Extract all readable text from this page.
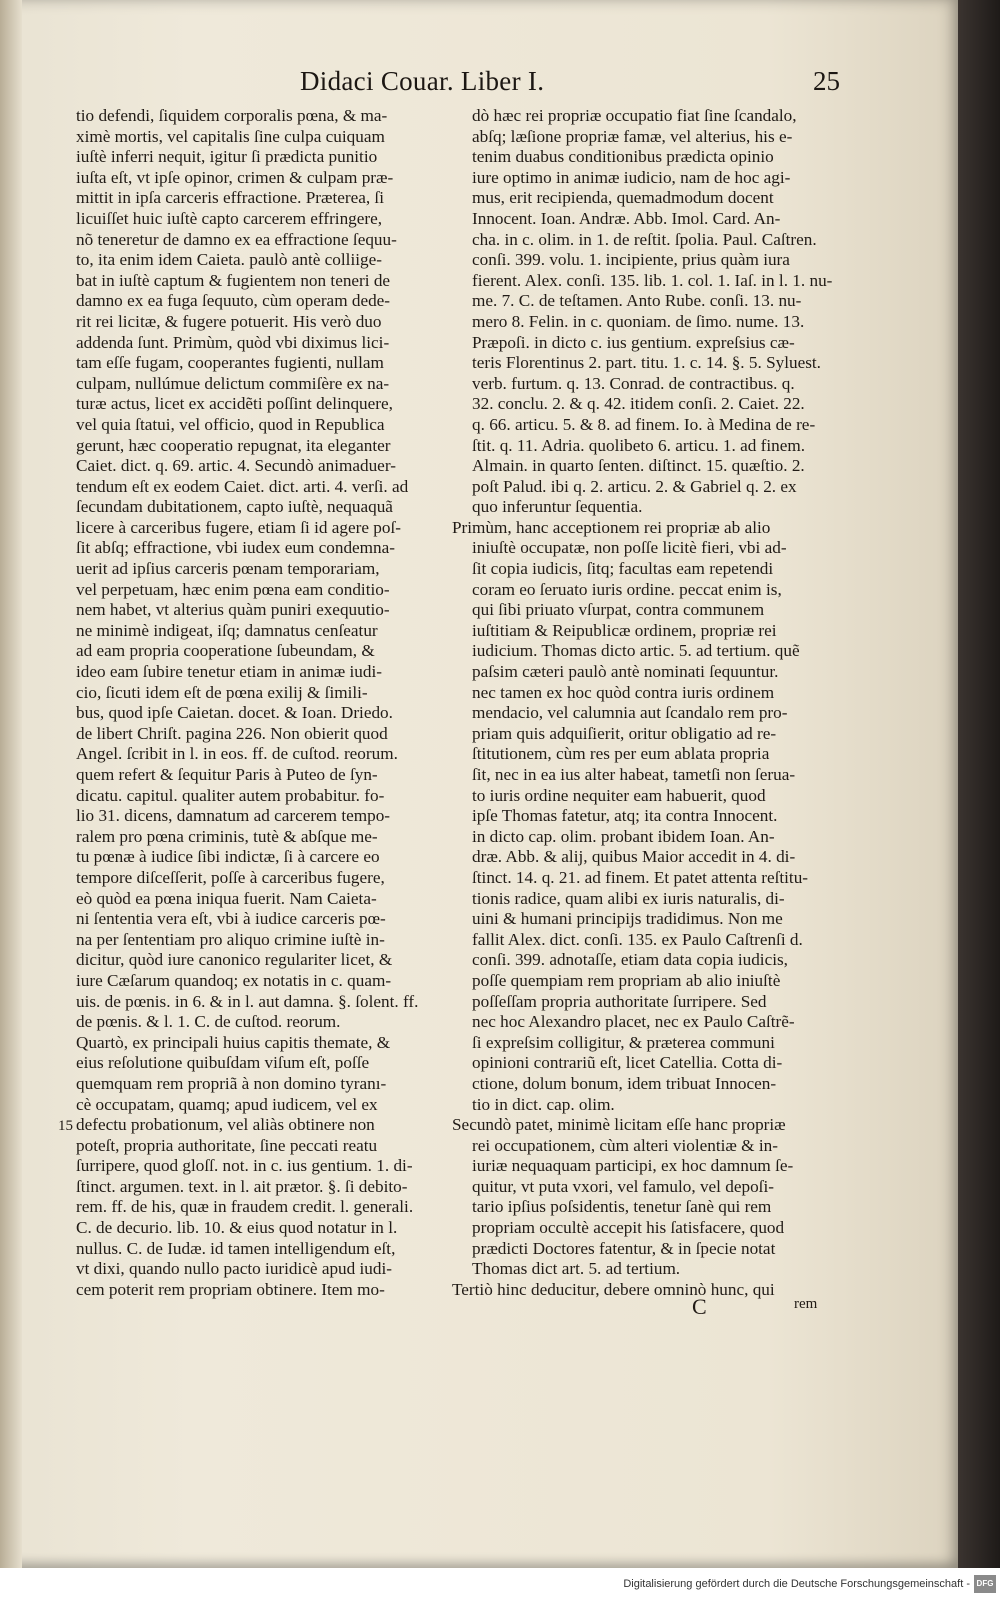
Didaci Couar. Liber I.	25
tio defendi, ſiquidem corporalis pœna, & ma-
ximè mortis, vel capitalis ſine culpa cuiquam
iuſtè inferri nequit, igitur ſi prædicta punitio
iuſta eſt, vt ipſe opinor, crimen & culpam præ-
mittit in ipſa carceris effractione. Præterea, ſi
licuiſſet huic iuſtè capto carcerem effringere,
nõ teneretur de damno ex ea effractione ſequu-
to, ita enim idem Caieta. paulò antè colliige-
bat in iuſtè captum & fugientem non teneri de
damno ex ea fuga ſequuto, cùm operam dede-
rit rei licitæ, & fugere potuerit. His verò duo
addenda ſunt. Primùm, quòd vbi diximus lici-
tam eſſe fugam, cooperantes fugienti, nullam
culpam, nullúmue delictum commiſère ex na-
turæ actus, licet ex accidẽti poſſint delinquere,
vel quia ſtatui, vel officio, quod in Republica
gerunt, hæc cooperatio repugnat, ita eleganter
Caiet. dict. q. 69. artic. 4. Secundò animaduer-
tendum eſt ex eodem Caiet. dict. arti. 4. verſi. ad
ſecundam dubitationem, capto iuſtè, nequaquã
licere à carceribus fugere, etiam ſi id agere poſ-
ſit abſq; effractione, vbi iudex eum condemna-
uerit ad ipſius carceris pœnam temporariam,
vel perpetuam, hæc enim pœna eam conditio-
nem habet, vt alterius quàm puniri exequutio-
ne minimè indigeat, iſq; damnatus cenſeatur
ad eam propria cooperatione ſubeundam, &
ideo eam ſubire tenetur etiam in animæ iudi-
cio, ſicuti idem eſt de pœna exilij & ſimili-
bus, quod ipſe Caietan. docet. & Ioan. Driedo.
de libert Chriſt. pagina 226. Non obierit quod
Angel. ſcribit in l. in eos. ff. de cuſtod. reorum.
quem refert & ſequitur Paris à Puteo de ſyn-
dicatu. capitul. qualiter autem probabitur. fo-
lio 31. dicens, damnatum ad carcerem tempo-
ralem pro pœna criminis, tutè & abſque me-
tu pœnæ à iudice ſibi indictæ, ſi à carcere eo
tempore diſceſſerit, poſſe à carceribus fugere,
eò quòd ea pœna iniqua fuerit. Nam Caieta-
ni ſententia vera eſt, vbi à iudice carceris pœ-
na per ſententiam pro aliquo crimine iuſtè in-
dicitur, quòd iure canonico regulariter licet, &
iure Cæſarum quandoq; ex notatis in c. quam-
uis. de pœnis. in 6. & in l. aut damna. §. ſolent. ff.
de pœnis. & l. 1. C. de cuſtod. reorum.
Quartò, ex principali huius capitis themate, &
eius reſolutione quibuſdam viſum eſt, poſſe
quemquam rem propriã à non domino tyranı-
cè occupatam, quamq; apud iudicem, vel ex
defectu probationum, vel aliàs obtinere non
poteſt, propria authoritate, ſine peccati reatu
ſurripere, quod gloſſ. not. in c. ius gentium. 1. di-
ſtinct. argumen. text. in l. ait prætor. §. ſi debito-
rem. ff. de his, quæ in fraudem credit. l. generali.
C. de decurio. lib. 10. & eius quod notatur in l.
nullus. C. de Iudæ. id tamen intelligendum eſt,
vt dixi, quando nullo pacto iuridicè apud iudi-
cem poterit rem propriam obtinere. Item mo-
dò hæc rei propriæ occupatio fiat ſine ſcandalo,
abſq; læſione propriæ famæ, vel alterius, his e-
tenim duabus conditionibus prædicta opinio
iure optimo in animæ iudicio, nam de hoc agi-
mus, erit recipienda, quemadmodum docent
Innocent. Ioan. Andræ. Abb. Imol. Card. An-
cha. in c. olim. in 1. de reſtit. ſpolia. Paul. Caſtren.
conſi. 399. volu. 1. incipiente, prius quàm iura
fierent. Alex. conſi. 135. lib. 1. col. 1. Iaſ. in l. 1. nu-
me. 7. C. de teſtamen. Anto Rube. conſi. 13. nu-
mero 8. Felin. in c. quoniam. de ſimo. nume. 13.
Præpoſi. in dicto c. ius gentium. expreſsius cæ-
teris Florentinus 2. part. titu. 1. c. 14. §. 5. Syluest.
verb. furtum. q. 13. Conrad. de contractibus. q.
32. conclu. 2. & q. 42. itidem conſi. 2. Caiet. 22.
q. 66. articu. 5. & 8. ad finem. Io. à Medina de re-
ſtit. q. 11. Adria. quolibeto 6. articu. 1. ad finem.
Almain. in quarto ſenten. diſtinct. 15. quæſtio. 2.
poſt Palud. ibi q. 2. articu. 2. & Gabriel q. 2. ex
quo inferuntur ſequentia.
Primùm, hanc acceptionem rei propriæ ab alio
iniuſtè occupatæ, non poſſe licitè fieri, vbi ad-
ſit copia iudicis, ſitq; facultas eam repetendi
coram eo ſeruato iuris ordine. peccat enim is,
qui ſibi priuato vſurpat, contra communem
iuſtitiam & Reipublicæ ordinem, propriæ rei
iudicium. Thomas dicto artic. 5. ad tertium. quẽ
paſsim cæteri paulò antè nominati ſequuntur.
nec tamen ex hoc quòd contra iuris ordinem
mendacio, vel calumnia aut ſcandalo rem pro-
priam quis adquiſierit, oritur obligatio ad re-
ſtitutionem, cùm res per eum ablata propria
ſit, nec in ea ius alter habeat, tametſi non ſerua-
to iuris ordine nequiter eam habuerit, quod
ipſe Thomas fatetur, atq; ita contra Innocent.
in dicto cap. olim. probant ibidem Ioan. An-
dræ. Abb. & alij, quibus Maior accedit in 4. di-
ſtinct. 14. q. 21. ad finem. Et patet attenta reſtitu-
tionis radice, quam alibi ex iuris naturalis, di-
uini & humani principijs tradidimus. Non me
fallit Alex. dict. conſi. 135. ex Paulo Caſtrenſi d.
conſi. 399. adnotaſſe, etiam data copia iudicis,
poſſe quempiam rem propriam ab alio iniuſtè
poſſeſſam propria authoritate ſurripere. Sed
nec hoc Alexandro placet, nec ex Paulo Caſtrẽ-
ſi expreſsim colligitur, & præterea communi
opinioni contrariũ eſt, licet Catellia. Cotta di-
ctione, dolum bonum, idem tribuat Innocen-
tio in dict. cap. olim.
Secundò patet, minimè licitam eſſe hanc propriæ
rei occupationem, cùm alteri violentiæ & in-
iuriæ nequaquam participi, ex hoc damnum ſe-
quitur, vt puta vxori, vel famulo, vel depoſi-
tario ipſius poſsidentis, tenetur ſanè qui rem
propriam occultè accepit his ſatisfacere, quod
prædicti Doctores fatentur, & in ſpecie notat
Thomas dict art. 5. ad tertium.
Tertiò hinc deducitur, debere omninò hunc, qui
15
C	rem
Digitalisierung gefördert durch die Deutsche Forschungsgemeinschaft - DFG
